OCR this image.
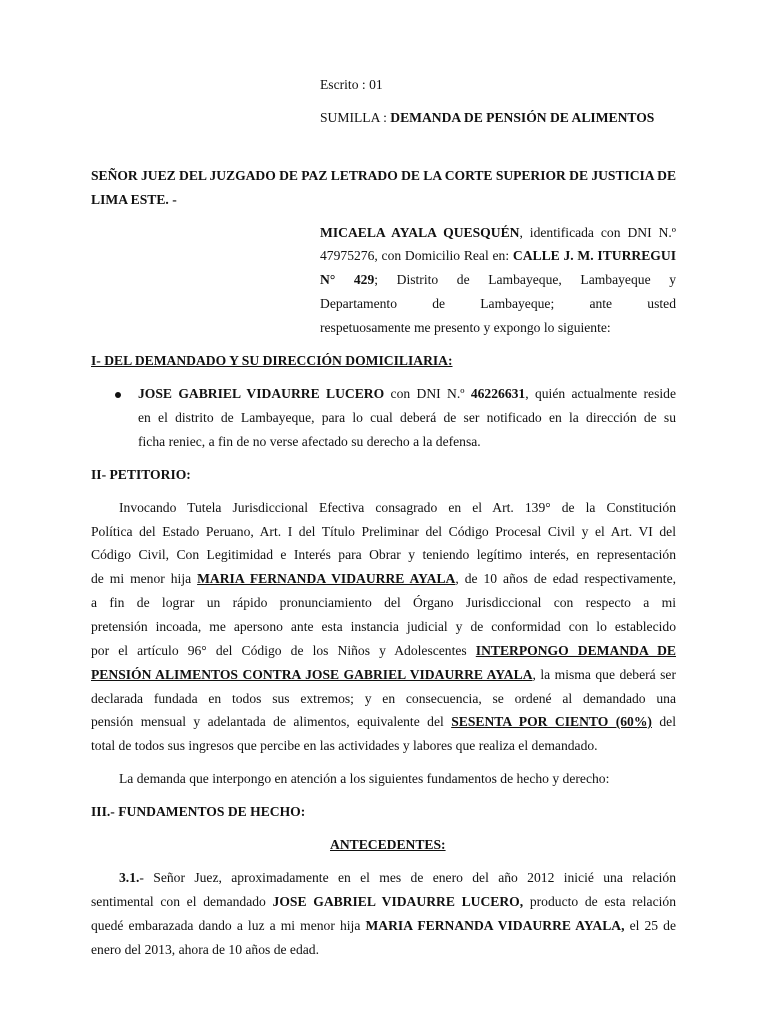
Escrito : 01
SUMILLA : DEMANDA DE PENSIÓN DE ALIMENTOS
SEÑOR JUEZ DEL JUZGADO DE PAZ LETRADO DE LA CORTE SUPERIOR DE JUSTICIA DE
LIMA ESTE. -
MICAELA AYALA QUESQUÉN, identificada con DNI N.º
47975276, con Domicilio Real en: CALLE J. M. ITURREGUI
N° 429; Distrito de Lambayeque, Lambayeque y
Departamento de Lambayeque; ante usted
respetuosamente me presento y expongo lo siguiente:
I- DEL DEMANDADO Y SU DIRECCIÓN DOMICILIARIA:
JOSE GABRIEL VIDAURRE LUCERO con DNI N.º 46226631, quién actualmente reside
en el distrito de Lambayeque, para lo cual deberá de ser notificado en la dirección de su
ficha reniec, a fin de no verse afectado su derecho a la defensa.
II- PETITORIO:
Invocando Tutela Jurisdiccional Efectiva consagrado en el Art. 139° de la Constitución
Política del Estado Peruano, Art. I del Título Preliminar del Código Procesal Civil y el Art. VI del
Código Civil, Con Legitimidad e Interés para Obrar y teniendo legítimo interés, en representación
de mi menor hija MARIA FERNANDA VIDAURRE AYALA, de 10 años de edad respectivamente,
a fin de lograr un rápido pronunciamiento del Órgano Jurisdiccional con respecto a mi
pretensión incoada, me apersono ante esta instancia judicial y de conformidad con lo establecido
por el artículo 96° del Código de los Niños y Adolescentes INTERPONGO DEMANDA DE
PENSIÓN ALIMENTOS CONTRA JOSE GABRIEL VIDAURRE AYALA, la misma que deberá ser
declarada fundada en todos sus extremos; y en consecuencia, se ordené al demandado una
pensión mensual y adelantada de alimentos, equivalente del SESENTA POR CIENTO (60%) del
total de todos sus ingresos que percibe en las actividades y labores que realiza el demandado.
La demanda que interpongo en atención a los siguientes fundamentos de hecho y derecho:
III.- FUNDAMENTOS DE HECHO:
ANTECEDENTES:
3.1.- Señor Juez, aproximadamente en el mes de enero del año 2012 inicié una relación
sentimental con el demandado JOSE GABRIEL VIDAURRE LUCERO, producto de esta relación
quedé embarazada dando a luz a mi menor hija MARIA FERNANDA VIDAURRE AYALA, el 25 de
enero del 2013, ahora de 10 años de edad.
